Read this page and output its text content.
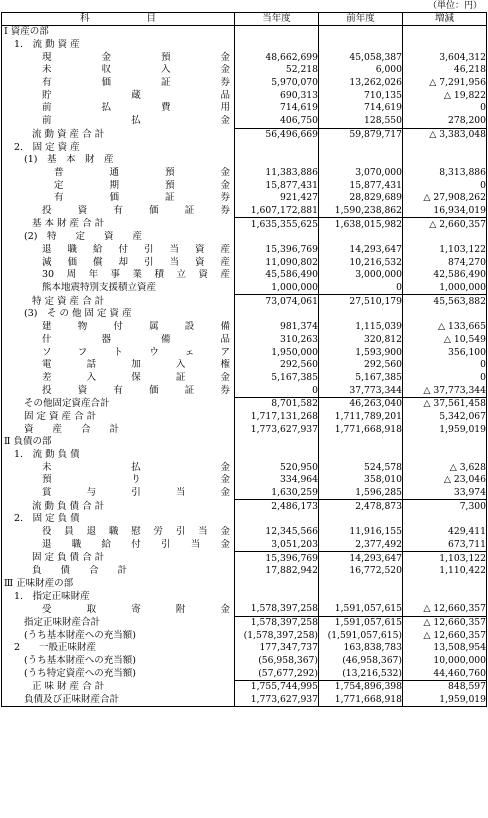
（単位：円）
科　　　　　　目	当年度	前年度	増減
Ⅰ 資産の部			
1.　流 動 資 産			
現金預金	48,662,699	45,058,387	3,604,312
未収入金	52,218	6,000	46,218
有価証券	5,970,070	13,262,026	△ 7,291,956
貯蔵品	690,313	710,135	△ 19,822
前払費用	714,619	714,619	0
前払金	406,750	128,550	278,200
流 動 資 産 合 計	56,496,669	59,879,717	△ 3,383,048
2.　固 定 資 産			
(1)　基　本　財　産			
普通預金	11,383,886	3,070,000	8,313,886
定期預金	15,877,431	15,877,431	0
有価証券	921,427	28,829,689	△ 27,908,262
投資有価証券	1,607,172,881	1,590,238,862	16,934,019
基 本 財 産 合 計	1,635,355,625	1,638,015,982	△ 2,660,357
(2)　特　　定　　資　　産			
退職給付引当資産	15,396,769	14,293,647	1,103,122
減価償却引当資産	11,090,802	10,216,532	874,270
30周年事業積立資産	45,586,490	3,000,000	42,586,490
熊本地震特別支援積立資産	1,000,000	0	1,000,000
特 定 資 産 合 計	73,074,061	27,510,179	45,563,882
(3)　そ の 他 固 定 資 産			
建物付属設備	981,374	1,115,039	△ 133,665
什器備品	310,263	320,812	△ 10,549
ソフトウェア	1,950,000	1,593,900	356,100
電話加入権	292,560	292,560	0
差入保証金	5,167,385	5,167,385	0
投資有価証券	0	37,773,344	△ 37,773,344
その他固定資産合計	8,701,582	46,263,040	△ 37,561,458
固 定 資 産 合 計	1,717,131,268	1,711,789,201	5,342,067
資　　産　　合　　計	1,773,627,937	1,771,668,918	1,959,019
Ⅱ 負債の部			
1.　流 動 負 債			
未払金	520,950	524,578	△ 3,628
預り金	334,964	358,010	△ 23,046
賞与引当金	1,630,259	1,596,285	33,974
流 動 負 債 合 計	2,486,173	2,478,873	7,300
2.　固 定 負 債			
役員退職慰労引当金	12,345,566	11,916,155	429,411
退職給付引当金	3,051,203	2,377,492	673,711
固 定 負 債 合 計	15,396,769	14,293,647	1,103,122
負　　債　　合　　計	17,882,942	16,772,520	1,110,422
Ⅲ 正味財産の部			
1.　指定正味財産			
受取寄附金	1,578,397,258	1,591,057,615	△ 12,660,357
指定正味財産合計	1,578,397,258	1,591,057,615	△ 12,660,357
(うち基本財産への充当額)	(1,578,397,258)	(1,591,057,615)	△ 12,660,357
2　　一般正味財産	177,347,737	163,838,783	13,508,954
(うち基本財産への充当額)	(56,958,367)	(46,958,367)	10,000,000
(うち特定資産への充当額)	(57,677,292)	(13,216,532)	44,460,760
正 味 財 産 合 計	1,755,744,995	1,754,896,398	848,597
負債及び正味財産合計	1,773,627,937	1,771,668,918	1,959,019
